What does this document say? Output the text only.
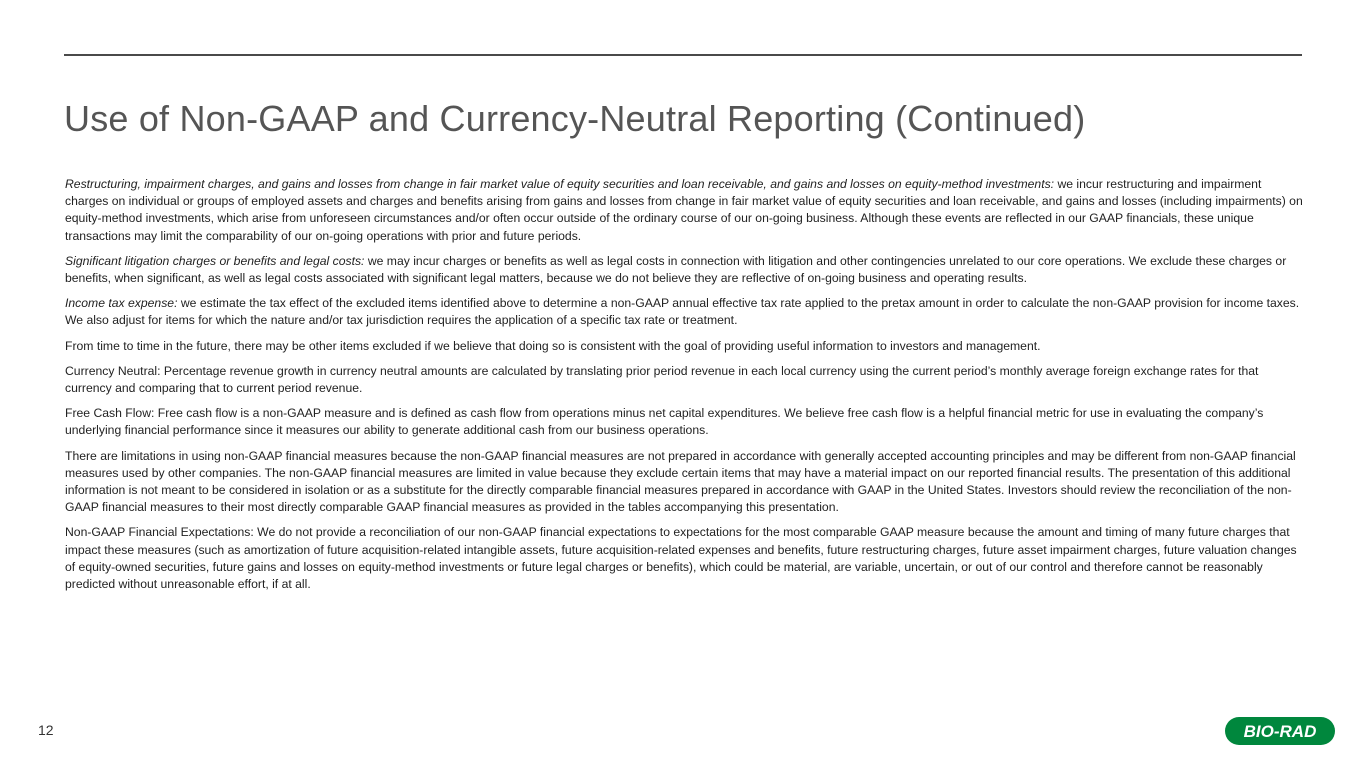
Use of Non-GAAP and Currency-Neutral Reporting (Continued)

Restructuring, impairment charges, and gains and losses from change in fair market value of equity securities and loan receivable, and gains and losses on equity-method investments: we incur restructuring and impairment charges on individual or groups of employed assets and charges and benefits arising from gains and losses from change in fair market value of equity securities and loan receivable, and gains and losses (including impairments) on equity-method investments, which arise from unforeseen circumstances and/or often occur outside of the ordinary course of our on-going business. Although these events are reflected in our GAAP financials, these unique transactions may limit the comparability of our on-going operations with prior and future periods.

Significant litigation charges or benefits and legal costs: we may incur charges or benefits as well as legal costs in connection with litigation and other contingencies unrelated to our core operations. We exclude these charges or benefits, when significant, as well as legal costs associated with significant legal matters, because we do not believe they are reflective of on-going business and operating results.

Income tax expense: we estimate the tax effect of the excluded items identified above to determine a non-GAAP annual effective tax rate applied to the pretax amount in order to calculate the non-GAAP provision for income taxes. We also adjust for items for which the nature and/or tax jurisdiction requires the application of a specific tax rate or treatment.

From time to time in the future, there may be other items excluded if we believe that doing so is consistent with the goal of providing useful information to investors and management.

Currency Neutral: Percentage revenue growth in currency neutral amounts are calculated by translating prior period revenue in each local currency using the current period’s monthly average foreign exchange rates for that currency and comparing that to current period revenue.

Free Cash Flow: Free cash flow is a non-GAAP measure and is defined as cash flow from operations minus net capital expenditures. We believe free cash flow is a helpful financial metric for use in evaluating the company’s underlying financial performance since it measures our ability to generate additional cash from our business operations.

There are limitations in using non-GAAP financial measures because the non-GAAP financial measures are not prepared in accordance with generally accepted accounting principles and may be different from non-GAAP financial measures used by other companies. The non-GAAP financial measures are limited in value because they exclude certain items that may have a material impact on our reported financial results. The presentation of this additional information is not meant to be considered in isolation or as a substitute for the directly comparable financial measures prepared in accordance with GAAP in the United States. Investors should review the reconciliation of the non-GAAP financial measures to their most directly comparable GAAP financial measures as provided in the tables accompanying this presentation.

Non-GAAP Financial Expectations: We do not provide a reconciliation of our non-GAAP financial expectations to expectations for the most comparable GAAP measure because the amount and timing of many future charges that impact these measures (such as amortization of future acquisition-related intangible assets, future acquisition-related expenses and benefits, future restructuring charges, future asset impairment charges, future valuation changes of equity-owned securities, future gains and losses on equity-method investments or future legal charges or benefits), which could be material, are variable, uncertain, or out of our control and therefore cannot be reasonably predicted without unreasonable effort, if at all.

12	BIO-RAD
